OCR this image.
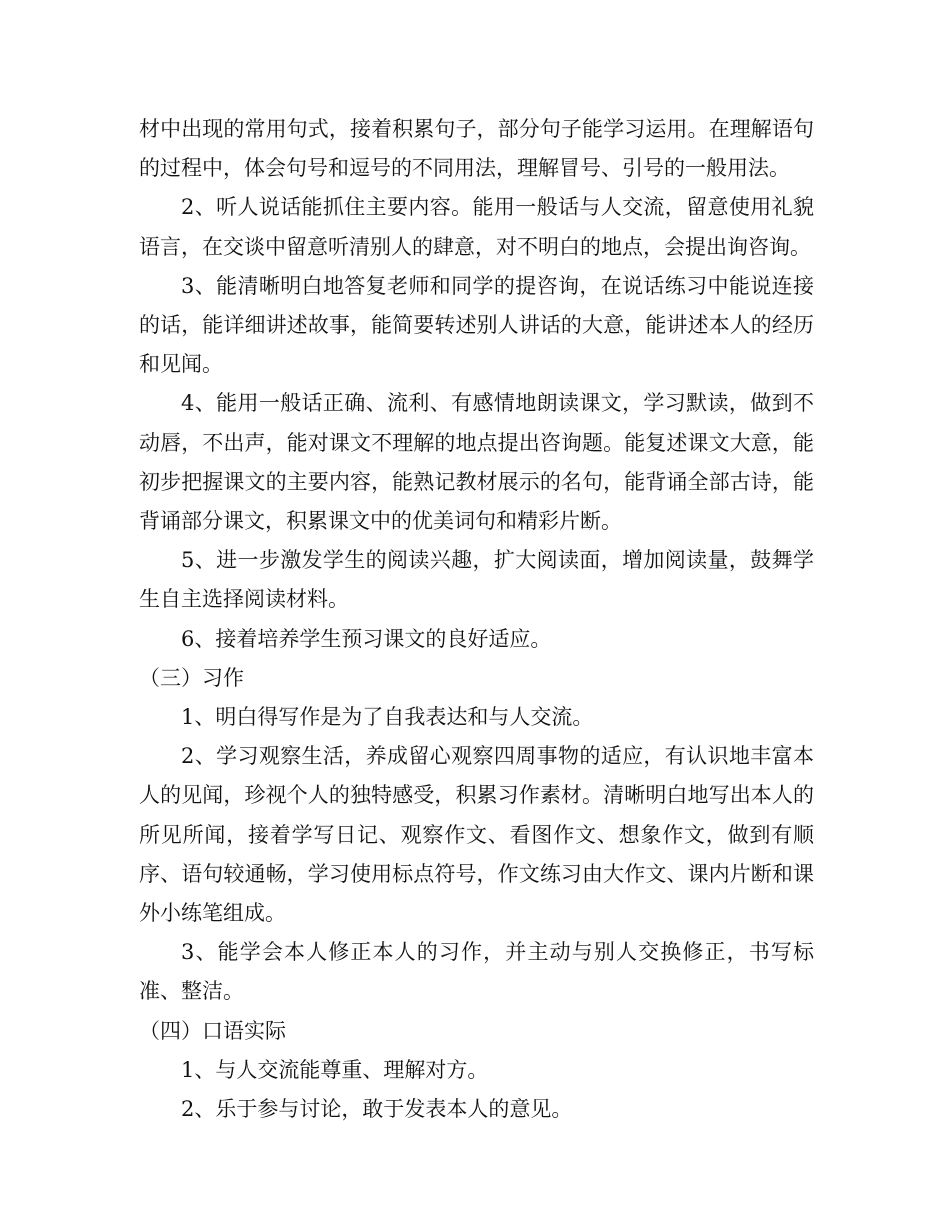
材中出现的常用句式，接着积累句子，部分句子能学习运用。在理解语句的过程中，体会句号和逗号的不同用法，理解冒号、引号的一般用法。

2、听人说话能抓住主要内容。能用一般话与人交流，留意使用礼貌语言，在交谈中留意听清别人的肆意，对不明白的地点，会提出询咨询。

3、能清晰明白地答复老师和同学的提咨询，在说话练习中能说连接的话，能详细讲述故事，能简要转述别人讲话的大意，能讲述本人的经历和见闻。

4、能用一般话正确、流利、有感情地朗读课文，学习默读，做到不动唇，不出声，能对课文不理解的地点提出咨询题。能复述课文大意，能初步把握课文的主要内容，能熟记教材展示的名句，能背诵全部古诗，能背诵部分课文，积累课文中的优美词句和精彩片断。

5、进一步激发学生的阅读兴趣，扩大阅读面，增加阅读量，鼓舞学生自主选择阅读材料。

6、接着培养学生预习课文的良好适应。

（三）习作

1、明白得写作是为了自我表达和与人交流。

2、学习观察生活，养成留心观察四周事物的适应，有认识地丰富本人的见闻，珍视个人的独特感受，积累习作素材。清晰明白地写出本人的所见所闻，接着学写日记、观察作文、看图作文、想象作文，做到有顺序、语句较通畅，学习使用标点符号，作文练习由大作文、课内片断和课外小练笔组成。

3、能学会本人修正本人的习作，并主动与别人交换修正，书写标准、整洁。

（四）口语实际

1、与人交流能尊重、理解对方。

2、乐于参与讨论，敢于发表本人的意见。
